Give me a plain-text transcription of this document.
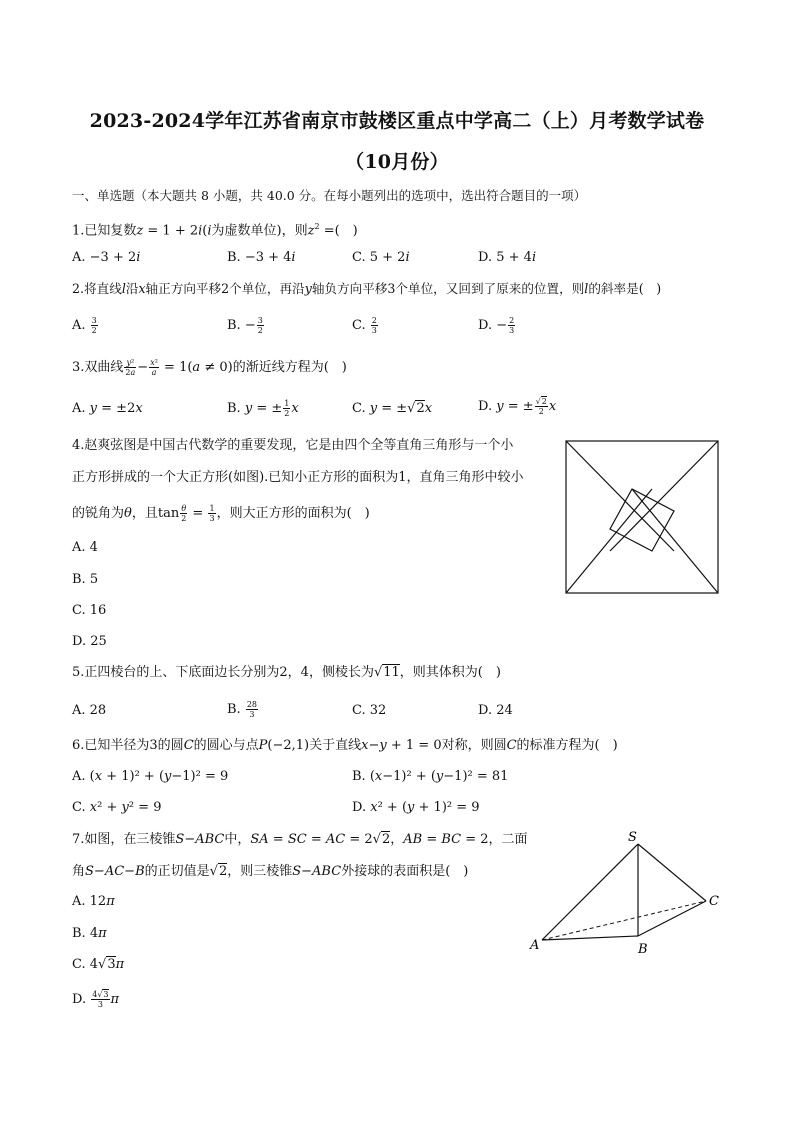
2023-2024学年江苏省南京市鼓楼区重点中学高二（上）月考数学试卷
（10月份）
一、单选题（本大题共 8 小题，共 40.0 分。在每小题列出的选项中，选出符合题目的一项）
1.已知复数z = 1 + 2i(i为虚数单位)，则$z^2$ =(　)
A. −3 + 2i	B. −3 + 4i	C. 5 + 2i	D. 5 + 4i
2.将直线l沿x轴正方向平移2个单位，再沿y轴负方向平移3个单位，又回到了原来的位置，则l的斜率是(　)
A. $\frac{3}{2}$	B. − $\frac{3}{2}$	C. $\frac{2}{3}$	D. − $\frac{2}{3}$
3.双曲线 $\frac{\text{y²}}{2a} - \frac{\text{x²}}{a} = 1(a \ne 0)$的渐近线方程为(　)
A. y = ±2x	B. y = ± $\frac{1}{2}$ x	C. y = ±√2x	D. y = ± $\frac{√2}{2}$ x
4.赵爽弦图是中国古代数学的重要发现，它是由四个全等直角三角形与一个小
正方形拼成的一个大正方形(如图).已知小正方形的面积为1，直角三角形中较小
的锐角为θ，且$\tan \frac{\theta}{2} = \frac{1}{3}$ ，则大正方形的面积为(　)
A. 4
B. 5
C. 16
D. 25
5.正四棱台的上、下底面边长分别为2，4，侧棱长为√11，则其体积为(　)
A. 28	B. $\frac{28}{3}$	C. 32	D. 24
6.已知半径为3的圆C的圆心与点P(−2,1)关于直线x−y + 1 = 0对称，则圆C的标准方程为(　)
A. (x + 1)² + (y−1)² = 9	B. (x−1)² + (y−1)² = 81
C. x² + y² = 9	D. x² + (y + 1)² = 9
7.如图，在三棱锥S−ABC中，SA = SC = AC = 2√2，AB = BC = 2，二面
角S−AC−B的正切值是√2，则三棱锥S−ABC外接球的表面积是(　)
A. 12π
B. 4π
C. 4√3π
D. $\frac{4√3}{3}$ π
S
A	B
C
